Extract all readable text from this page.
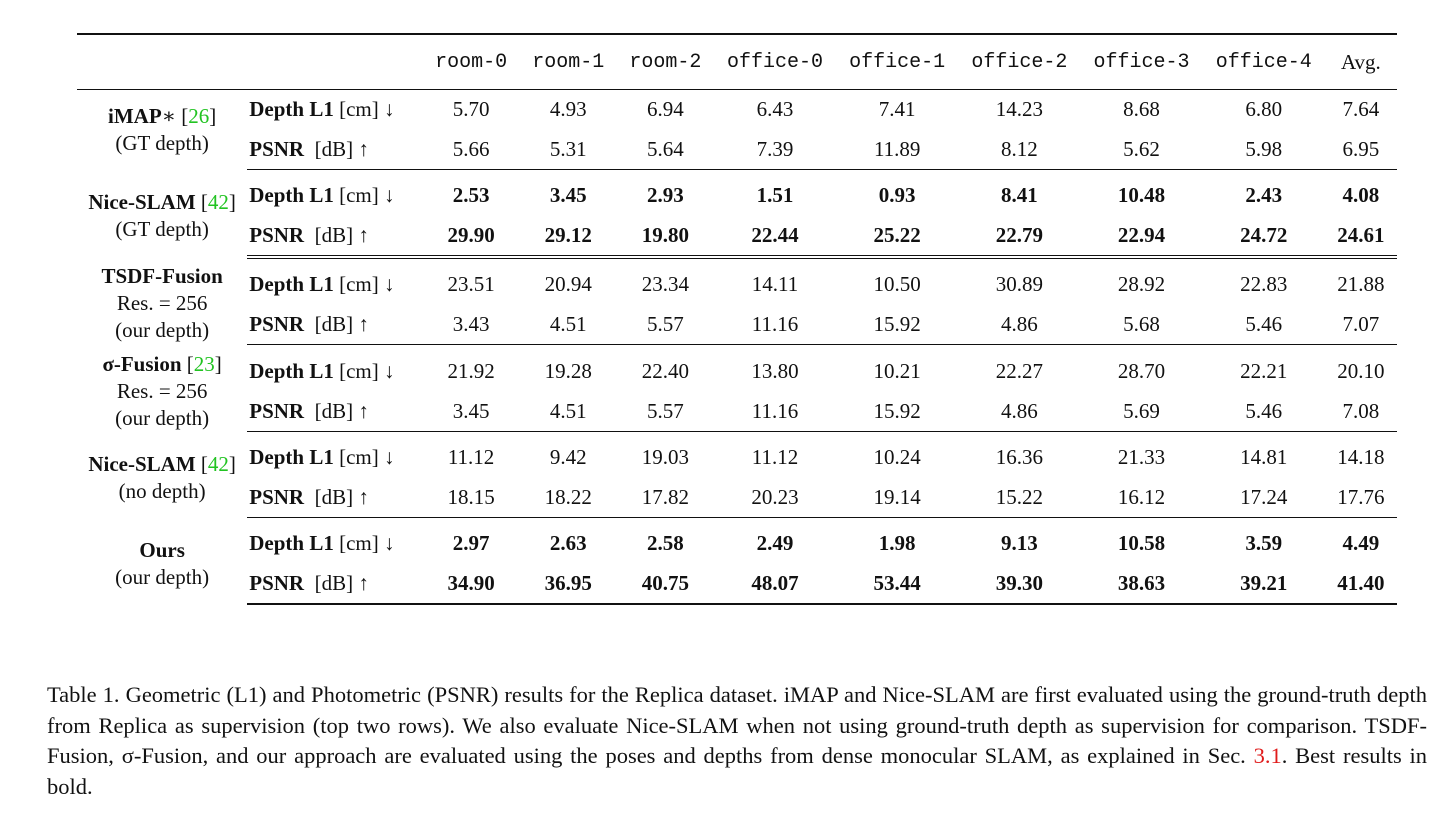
		room-0	room-1	room-2	office-0	office-1	office-2	office-3	office-4	Avg.
iMAP∗ [26]
(GT depth)	Depth L1 [cm] ↓	5.70	4.93	6.94	6.43	7.41	14.23	8.68	6.80	7.64
	PSNR [dB] ↑	5.66	5.31	5.64	7.39	11.89	8.12	5.62	5.98	6.95
Nice-SLAM [42]
(GT depth)	Depth L1 [cm] ↓	2.53	3.45	2.93	1.51	0.93	8.41	10.48	2.43	4.08
	PSNR [dB] ↑	29.90	29.12	19.80	22.44	25.22	22.79	22.94	24.72	24.61
TSDF-Fusion
Res. = 256
(our depth)	Depth L1 [cm] ↓	23.51	20.94	23.34	14.11	10.50	30.89	28.92	22.83	21.88
	PSNR [dB] ↑	3.43	4.51	5.57	11.16	15.92	4.86	5.68	5.46	7.07
σ-Fusion [23]
Res. = 256
(our depth)	Depth L1 [cm] ↓	21.92	19.28	22.40	13.80	10.21	22.27	28.70	22.21	20.10
	PSNR [dB] ↑	3.45	4.51	5.57	11.16	15.92	4.86	5.69	5.46	7.08
Nice-SLAM [42]
(no depth)	Depth L1 [cm] ↓	11.12	9.42	19.03	11.12	10.24	16.36	21.33	14.81	14.18
	PSNR [dB] ↑	18.15	18.22	17.82	20.23	19.14	15.22	16.12	17.24	17.76
Ours
(our depth)	Depth L1 [cm] ↓	2.97	2.63	2.58	2.49	1.98	9.13	10.58	3.59	4.49
	PSNR [dB] ↑	34.90	36.95	40.75	48.07	53.44	39.30	38.63	39.21	41.40
Table 1. Geometric (L1) and Photometric (PSNR) results for the Replica dataset. iMAP and Nice-SLAM are first evaluated using the ground-truth depth from Replica as supervision (top two rows). We also evaluate Nice-SLAM when not using ground-truth depth as supervision for comparison. TSDF-Fusion, σ-Fusion, and our approach are evaluated using the poses and depths from dense monocular SLAM, as explained in Sec. 3.1. Best results in bold.
